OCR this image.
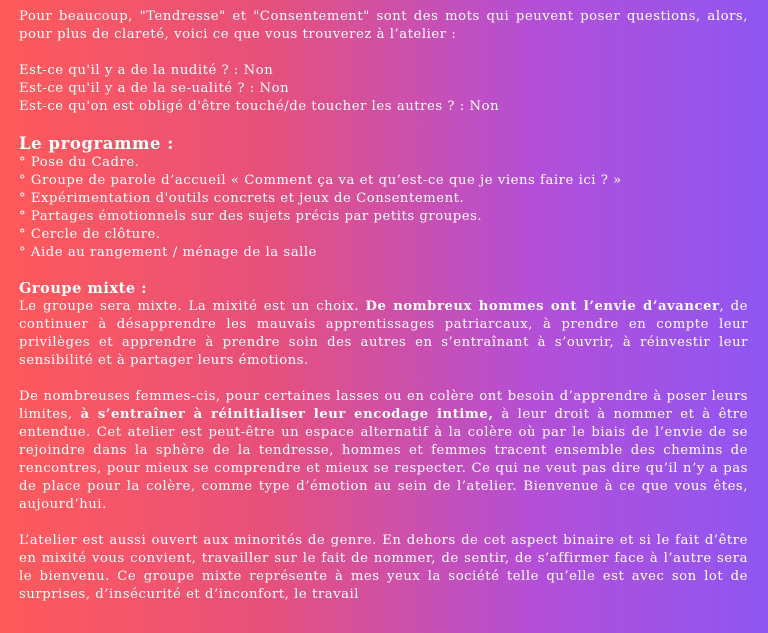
Pour beaucoup, "Tendresse" et "Consentement" sont des mots qui peuvent poser questions, alors, pour plus de clareté, voici ce que vous trouverez à l’atelier :

Est-ce qu'il y a de la nudité ? : Non
Est-ce qu'il y a de la se-ualité ? : Non
Est-ce qu'on est obligé d'être touché/de toucher les autres ? : Non
Le programme :
° Pose du Cadre.
° Groupe de parole d’accueil « Comment ça va et qu’est-ce que je viens faire ici ? »
° Expérimentation d'outils concrets et jeux de Consentement.
° Partages émotionnels sur des sujets précis par petits groupes.
° Cercle de clôture.
° Aide au rangement / ménage de la salle
Groupe mixte :

Le groupe sera mixte. La mixité est un choix. De nombreux hommes ont l’envie d’avancer, de continuer à désapprendre les mauvais apprentissages patriarcaux, à prendre en compte leur privilèges et apprendre à prendre soin des autres en s’entraînant à s’ouvrir, à réinvestir leur sensibilité et à partager leurs émotions.

De nombreuses femmes-cis, pour certaines lasses ou en colère ont besoin d’apprendre à poser leurs limites, à s’entraîner à réinitialiser leur encodage intime, à leur droit à nommer et à être entendue. Cet atelier est peut-être un espace alternatif à la colère où par le biais de l’envie de se rejoindre dans la sphère de la tendresse, hommes et femmes tracent ensemble des chemins de rencontres, pour mieux se comprendre et mieux se respecter. Ce qui ne veut pas dire qu’il n’y a pas de place pour la colère, comme type d’émotion au sein de l’atelier. Bienvenue à ce que vous êtes, aujourd’hui.

L’atelier est aussi ouvert aux minorités de genre. En dehors de cet aspect binaire et si le fait d’être en mixité vous convient, travailler sur le fait de nommer, de sentir, de s’affirmer face à l’autre sera le bienvenu. Ce groupe mixte représente à mes yeux la société telle qu’elle est avec son lot de surprises, d’insécurité et d’inconfort, le travail
